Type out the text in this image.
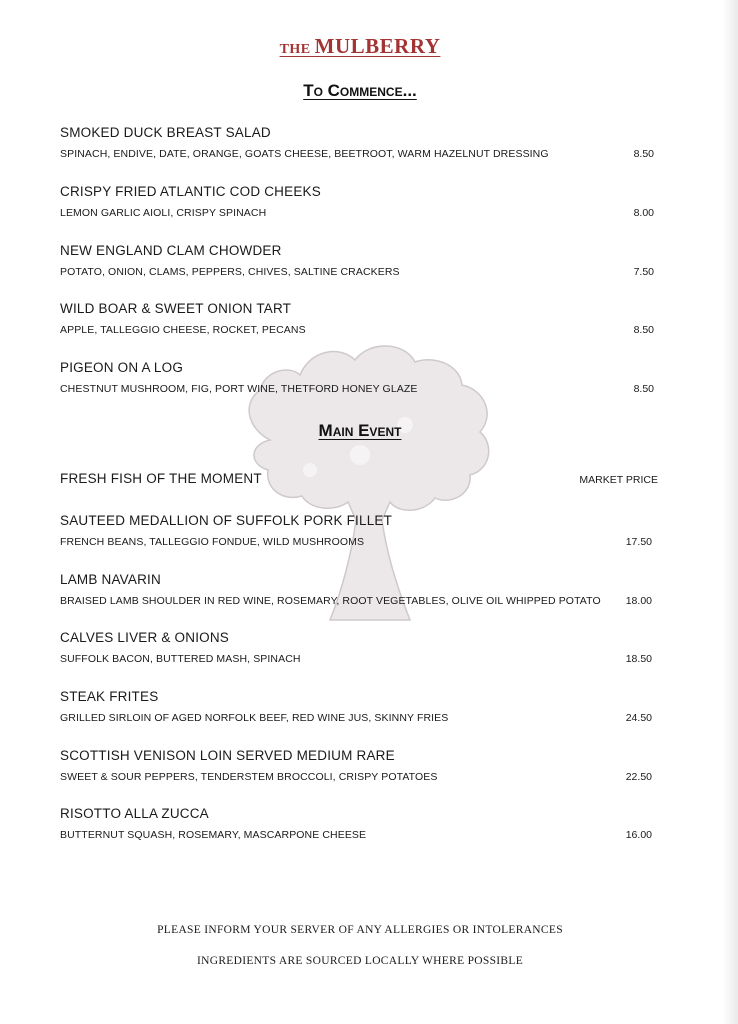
THE MULBERRY
To Commence...
SMOKED DUCK BREAST SALAD
SPINACH, ENDIVE, DATE, ORANGE, GOATS CHEESE, BEETROOT, WARM HAZELNUT DRESSING	8.50
CRISPY FRIED ATLANTIC COD CHEEKS
LEMON GARLIC AIOLI, CRISPY SPINACH	8.00
NEW ENGLAND CLAM CHOWDER
POTATO, ONION, CLAMS, PEPPERS, CHIVES, SALTINE CRACKERS	7.50
WILD BOAR & SWEET ONION TART
APPLE, TALLEGGIO CHEESE, ROCKET, PECANS	8.50
PIGEON ON A LOG
CHESTNUT MUSHROOM, FIG, PORT WINE, THETFORD HONEY GLAZE	8.50
Main Event
FRESH FISH OF THE MOMENT	MARKET PRICE
SAUTEED MEDALLION OF SUFFOLK PORK FILLET
FRENCH BEANS, TALLEGGIO FONDUE, WILD MUSHROOMS	17.50
LAMB NAVARIN
BRAISED LAMB SHOULDER IN RED WINE, ROSEMARY, ROOT VEGETABLES, OLIVE OIL WHIPPED POTATO 18.00
CALVES LIVER & ONIONS
SUFFOLK BACON, BUTTERED MASH, SPINACH	18.50
STEAK FRITES
GRILLED SIRLOIN OF AGED NORFOLK BEEF, RED WINE JUS, SKINNY FRIES	24.50
SCOTTISH VENISON LOIN SERVED MEDIUM RARE
SWEET & SOUR PEPPERS, TENDERSTEM BROCCOLI, CRISPY POTATOES	22.50
RISOTTO ALLA ZUCCA
BUTTERNUT SQUASH, ROSEMARY, MASCARPONE CHEESE	16.00
PLEASE INFORM YOUR SERVER OF ANY ALLERGIES OR INTOLERANCES
INGREDIENTS ARE SOURCED LOCALLY WHERE POSSIBLE
